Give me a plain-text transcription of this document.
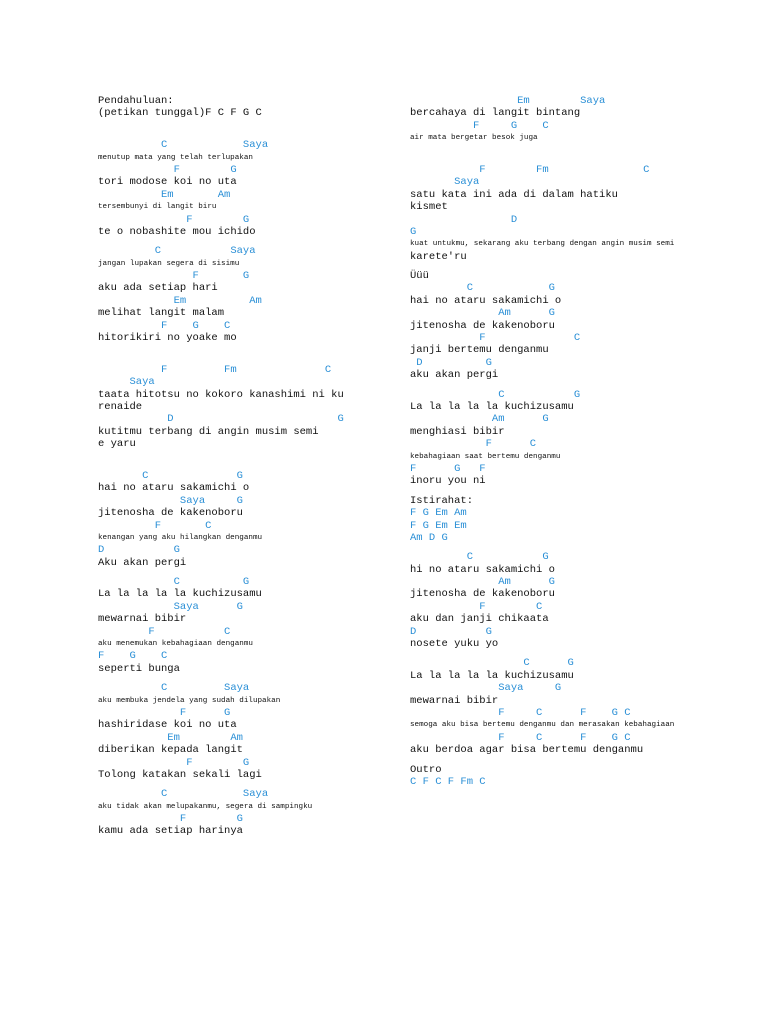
Pendahuluan:
(petikan tunggal)F C F G C
C            Saya
menutup mata yang telah terlupakan
F        G
tori modose koi no uta
Em       Am
tersembunyi di langit biru
F        G
te o nobashite mou ichido
C           Saya
jangan lupakan segera di sisimu
F       G
aku ada setiap hari
Em          Am
melihat langit malam
F    G    C
hitorikiri no yoake mo
F         Fm              C
Saya
taata hitotsu no kokoro kanashimi ni ku
renaide
D                          G
kutitmu terbang di angin musim semi
e yaru
C              G
hai no ataru sakamichi o
Saya     G
jitenosha de kakenoboru
F       C
kenangan yang aku hilangkan denganmu
D           G
Aku akan pergi
C          G
La la la la la kuchizusamu
Saya      G
mewarnai bibir
F           C
aku menemukan kebahagiaan denganmu
F    G    C
seperti bunga
C         Saya
aku membuka jendela yang sudah dilupakan
F      G
hashiridase koi no uta
Em        Am
diberikan kepada langit
F        G
Tolong katakan sekali lagi
C            Saya
aku tidak akan melupakanmu, segera di sampingku
F        G
kamu ada setiap harinya
Em        Saya
bercahaya di langit bintang
F     G    C
air mata bergetar besok juga
F        Fm               C
Saya
satu kata ini ada di dalam hatiku
kismet
D
G
kuat untukmu, sekarang aku terbang dengan angin musim semi
karete'ru
Üüü
C            G
hai no ataru sakamichi o
Am      G
jitenosha de kakenoboru
F              C
janji bertemu denganmu
D          G
aku akan pergi
C           G
La la la la la kuchizusamu
Am      G
menghiasi bibir
F      C
kebahagiaan saat bertemu denganmu
F      G   F
inoru you ni
Istirahat:
F G Em Am
F G Em Em
Am D G
C           G
hi no ataru sakamichi o
Am      G
jitenosha de kakenoboru
F        C
aku dan janji chikaata
D           G
nosete yuku yo
C      G
La la la la la kuchizusamu
Saya     G
mewarnai bibir
F     C      F    G C
semoga aku bisa bertemu denganmu dan merasakan kebahagiaan
F     C      F    G C
aku berdoa agar bisa bertemu denganmu
Outro
C F C F Fm C
